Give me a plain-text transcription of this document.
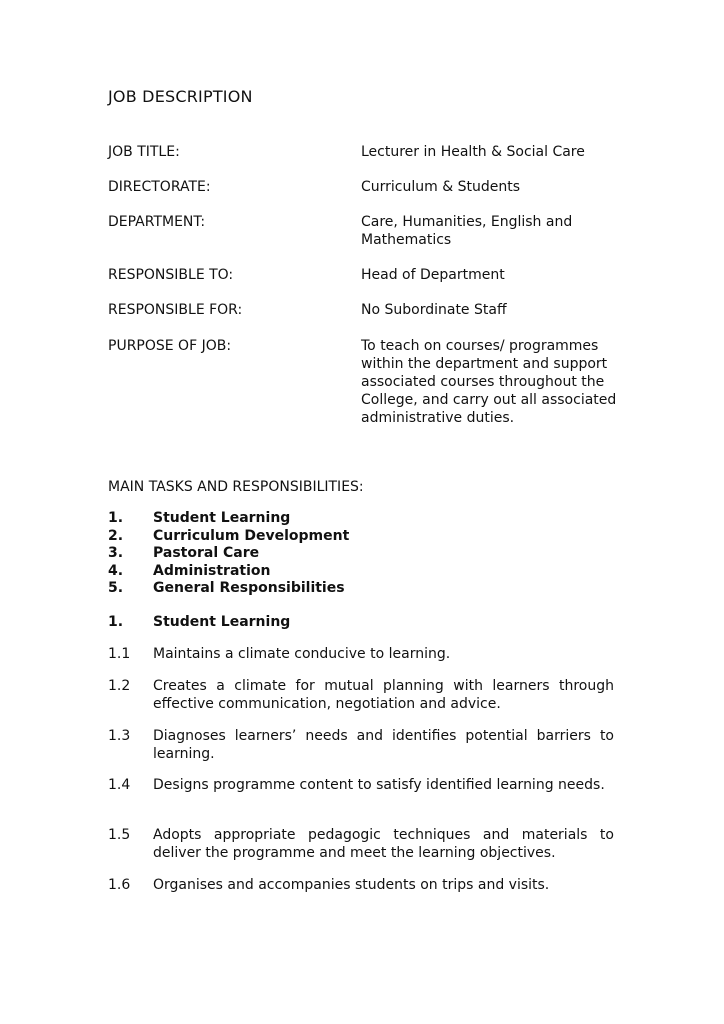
JOB DESCRIPTION
JOB TITLE:	Lecturer in Health & Social Care
DIRECTORATE:	Curriculum & Students
DEPARTMENT:	Care, Humanities, English and Mathematics
RESPONSIBLE TO:	Head of Department
RESPONSIBLE FOR:	No Subordinate Staff
PURPOSE OF JOB:	To teach on courses/ programmes within the department and support associated courses throughout the College, and carry out all associated administrative duties.
MAIN TASKS AND RESPONSIBILITIES:
1.	Student Learning
2.	Curriculum Development
3.	Pastoral Care
4.	Administration
5.	General Responsibilities
1.	Student Learning
1.1	Maintains a climate conducive to learning.
1.2	Creates a climate for mutual planning with learners through effective communication, negotiation and advice.
1.3	Diagnoses learners’ needs and identifies potential barriers to learning.
1.4	Designs programme content to satisfy identified learning needs.
1.5	Adopts appropriate pedagogic techniques and materials to deliver the programme and meet the learning objectives.
1.6	Organises and accompanies students on trips and visits.
